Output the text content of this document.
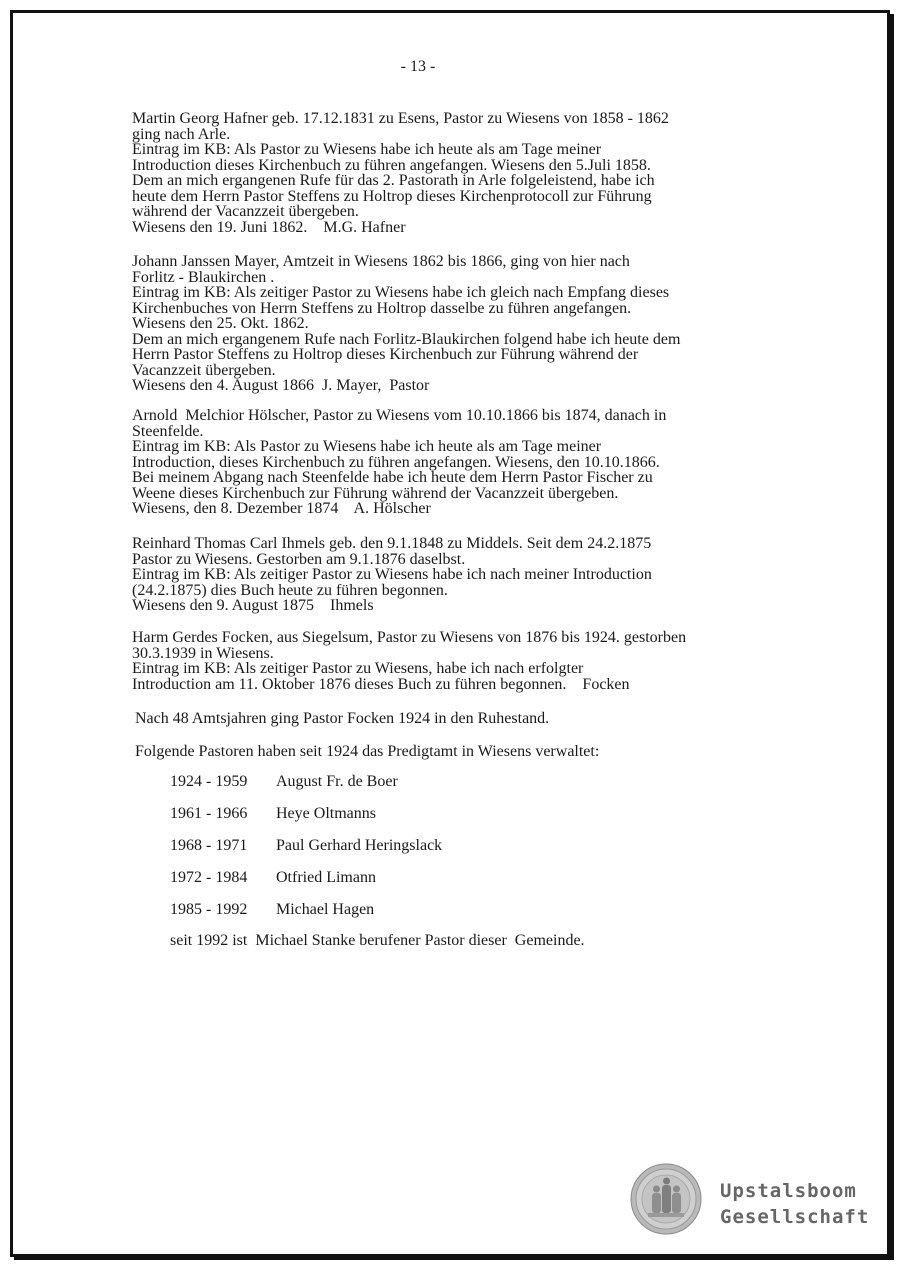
- 13 -
Martin Georg Hafner geb. 17.12.1831 zu Esens, Pastor zu Wiesens von 1858 - 1862
ging nach Arle.
Eintrag im KB: Als Pastor zu Wiesens habe ich heute als am Tage meiner
Introduction dieses Kirchenbuch zu führen angefangen. Wiesens den 5.Juli 1858.
Dem an mich ergangenen Rufe für das 2. Pastorath in Arle folgeleistend, habe ich
heute dem Herrn Pastor Steffens zu Holtrop dieses Kirchenprotocoll zur Führung
während der Vacanzzeit übergeben.
Wiesens den 19. Juni 1862.    M.G. Hafner
Johann Janssen Mayer, Amtzeit in Wiesens 1862 bis 1866, ging von hier nach
Forlitz - Blaukirchen .
Eintrag im KB: Als zeitiger Pastor zu Wiesens habe ich gleich nach Empfang dieses
Kirchenbuches von Herrn Steffens zu Holtrop dasselbe zu führen angefangen.
Wiesens den 25. Okt. 1862.
Dem an mich ergangenem Rufe nach Forlitz-Blaukirchen folgend habe ich heute dem
Herrn Pastor Steffens zu Holtrop dieses Kirchenbuch zur Führung während der
Vacanzzeit übergeben.
Wiesens den 4. August 1866  J. Mayer,  Pastor
Arnold  Melchior Hölscher, Pastor zu Wiesens vom 10.10.1866 bis 1874, danach in
Steenfelde.
Eintrag im KB: Als Pastor zu Wiesens habe ich heute als am Tage meiner
Introduction, dieses Kirchenbuch zu führen angefangen. Wiesens, den 10.10.1866.
Bei meinem Abgang nach Steenfelde habe ich heute dem Herrn Pastor Fischer zu
Weene dieses Kirchenbuch zur Führung während der Vacanzzeit übergeben.
Wiesens, den 8. Dezember 1874    A. Hölscher
Reinhard Thomas Carl Ihmels geb. den 9.1.1848 zu Middels. Seit dem 24.2.1875
Pastor zu Wiesens. Gestorben am 9.1.1876 daselbst.
Eintrag im KB: Als zeitiger Pastor zu Wiesens habe ich nach meiner Introduction
(24.2.1875) dies Buch heute zu führen begonnen.
Wiesens den 9. August 1875    Ihmels
Harm Gerdes Focken, aus Siegelsum, Pastor zu Wiesens von 1876 bis 1924. gestorben
30.3.1939 in Wiesens.
Eintrag im KB: Als zeitiger Pastor zu Wiesens, habe ich nach erfolgter
Introduction am 11. Oktober 1876 dieses Buch zu führen begonnen.    Focken
Nach 48 Amtsjahren ging Pastor Focken 1924 in den Ruhestand.
Folgende Pastoren haben seit 1924 das Predigtamt in Wiesens verwaltet:
1924 - 1959 August Fr. de Boer
1961 - 1966 Heye Oltmanns
1968 - 1971 Paul Gerhard Heringslack
1972 - 1984 Otfried Limann
1985 - 1992 Michael Hagen
seit 1992 ist  Michael Stanke berufener Pastor dieser  Gemeinde.
Upstalsboom
Gesellschaft
